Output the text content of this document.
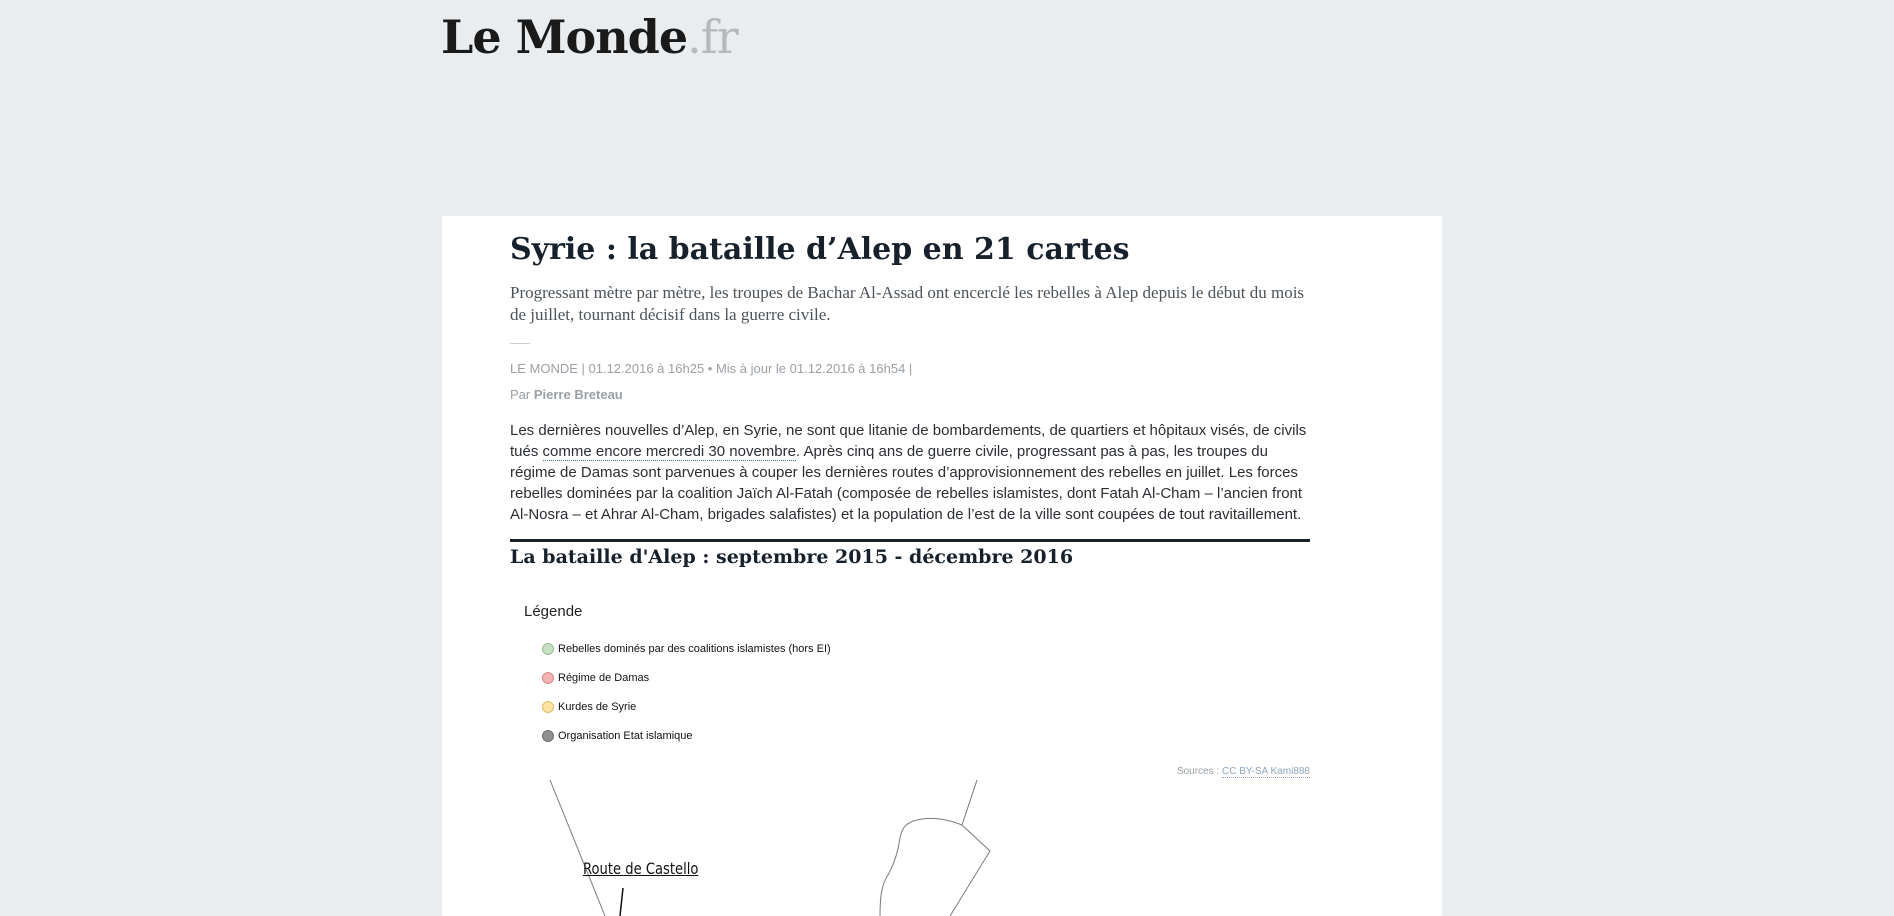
Le Monde.fr
Syrie : la bataille d’Alep en 21 cartes

Progressant mètre par mètre, les troupes de Bachar Al-Assad ont encerclé les rebelles à Alep depuis le début du mois de juillet, tournant décisif dans la guerre civile.

LE MONDE | 01.12.2016 à 16h25 • Mis à jour le 01.12.2016 à 16h54 |
Par Pierre Breteau

Les dernières nouvelles d’Alep, en Syrie, ne sont que litanie de bombardements, de quartiers et hôpitaux visés, de civils tués comme encore mercredi 30 novembre. Après cinq ans de guerre civile, progressant pas à pas, les troupes du régime de Damas sont parvenues à couper les dernières routes d’approvisionnement des rebelles en juillet. Les forces rebelles dominées par la coalition Jaïch Al-Fatah (composée de rebelles islamistes, dont Fatah Al-Cham – l’ancien front Al-Nosra – et Ahrar Al-Cham, brigades salafistes) et la population de l’est de la ville sont coupées de tout ravitaillement.

La bataille d'Alep : septembre 2015 - décembre 2016
Légende
Rebelles dominés par des coalitions islamistes (hors EI)
Régime de Damas
Kurdes de Syrie
Organisation Etat islamique
Sources : CC BY-SA Kami888
Route de Castello
